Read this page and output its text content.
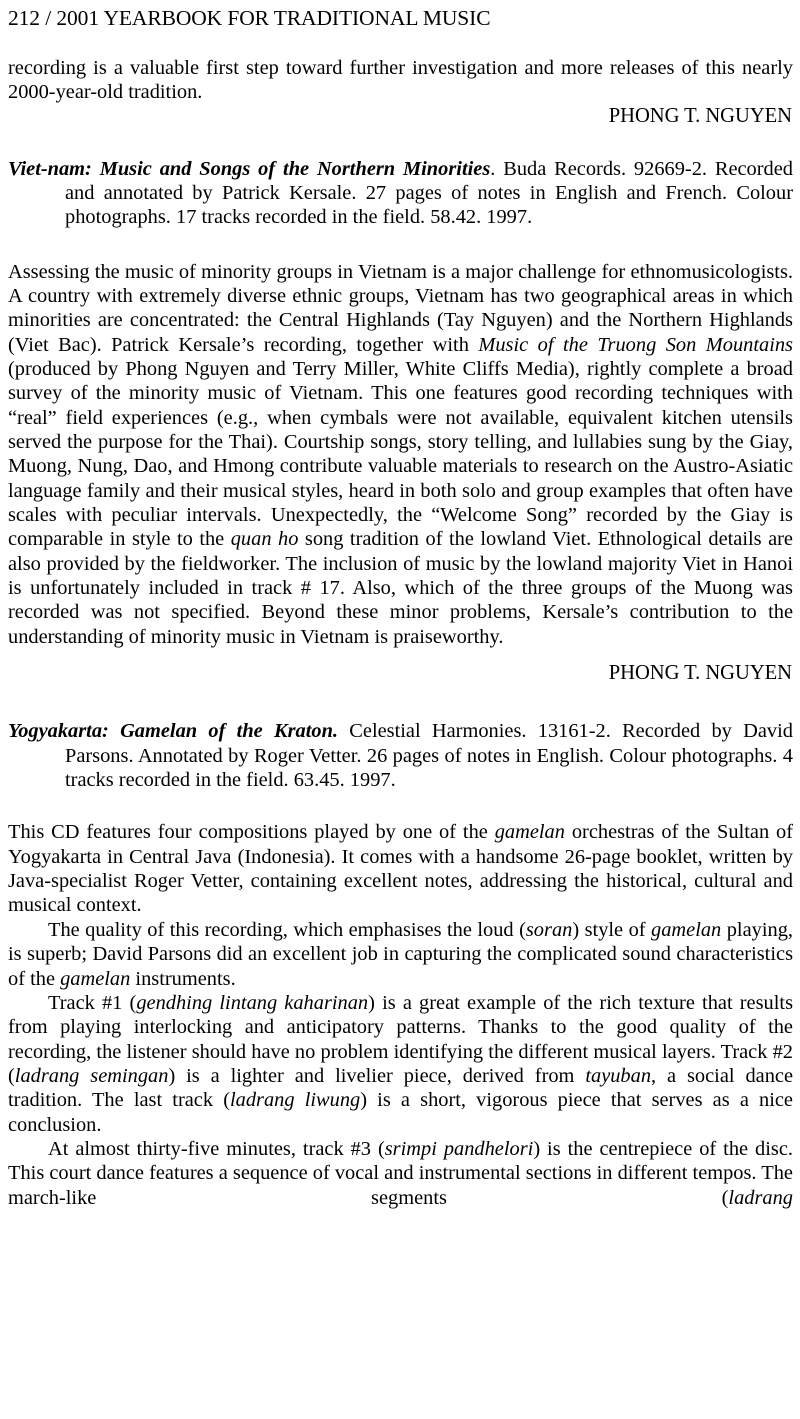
212 / 2001 YEARBOOK FOR TRADITIONAL MUSIC

recording is a valuable first step toward further investigation and more releases of this nearly 2000-year-old tradition.

PHONG T. NGUYEN

Viet-nam: Music and Songs of the Northern Minorities. Buda Records. 92669-2. Recorded and annotated by Patrick Kersale. 27 pages of notes in English and French. Colour photographs. 17 tracks recorded in the field. 58.42. 1997.

Assessing the music of minority groups in Vietnam is a major challenge for ethnomusicologists. A country with extremely diverse ethnic groups, Vietnam has two geographical areas in which minorities are concentrated: the Central Highlands (Tay Nguyen) and the Northern Highlands (Viet Bac). Patrick Kersale’s recording, together with Music of the Truong Son Mountains (produced by Phong Nguyen and Terry Miller, White Cliffs Media), rightly complete a broad survey of the minority music of Vietnam. This one features good recording techniques with “real” field experiences (e.g., when cymbals were not available, equivalent kitchen utensils served the purpose for the Thai). Courtship songs, story telling, and lullabies sung by the Giay, Muong, Nung, Dao, and Hmong contribute valuable materials to research on the Austro-Asiatic language family and their musical styles, heard in both solo and group examples that often have scales with peculiar intervals. Unexpectedly, the “Welcome Song” recorded by the Giay is comparable in style to the quan ho song tradition of the lowland Viet. Ethnological details are also provided by the fieldworker. The inclusion of music by the lowland majority Viet in Hanoi is unfortunately included in track # 17. Also, which of the three groups of the Muong was recorded was not specified. Beyond these minor problems, Kersale’s contribution to the understanding of minority music in Vietnam is praiseworthy.

PHONG T. NGUYEN

Yogyakarta: Gamelan of the Kraton. Celestial Harmonies. 13161-2. Recorded by David Parsons. Annotated by Roger Vetter. 26 pages of notes in English. Colour photographs. 4 tracks recorded in the field. 63.45. 1997.

This CD features four compositions played by one of the gamelan orchestras of the Sultan of Yogyakarta in Central Java (Indonesia). It comes with a handsome 26-page booklet, written by Java-specialist Roger Vetter, containing excellent notes, addressing the historical, cultural and musical context.

The quality of this recording, which emphasises the loud (soran) style of gamelan playing, is superb; David Parsons did an excellent job in capturing the complicated sound characteristics of the gamelan instruments.

Track #1 (gendhing lintang kaharinan) is a great example of the rich texture that results from playing interlocking and anticipatory patterns. Thanks to the good quality of the recording, the listener should have no problem identifying the different musical layers. Track #2 (ladrang semingan) is a lighter and livelier piece, derived from tayuban, a social dance tradition. The last track (ladrang liwung) is a short, vigorous piece that serves as a nice conclusion.

At almost thirty-five minutes, track #3 (srimpi pandhelori) is the centrepiece of the disc. This court dance features a sequence of vocal and instrumental sections in different tempos. The march-like segments (ladrang
